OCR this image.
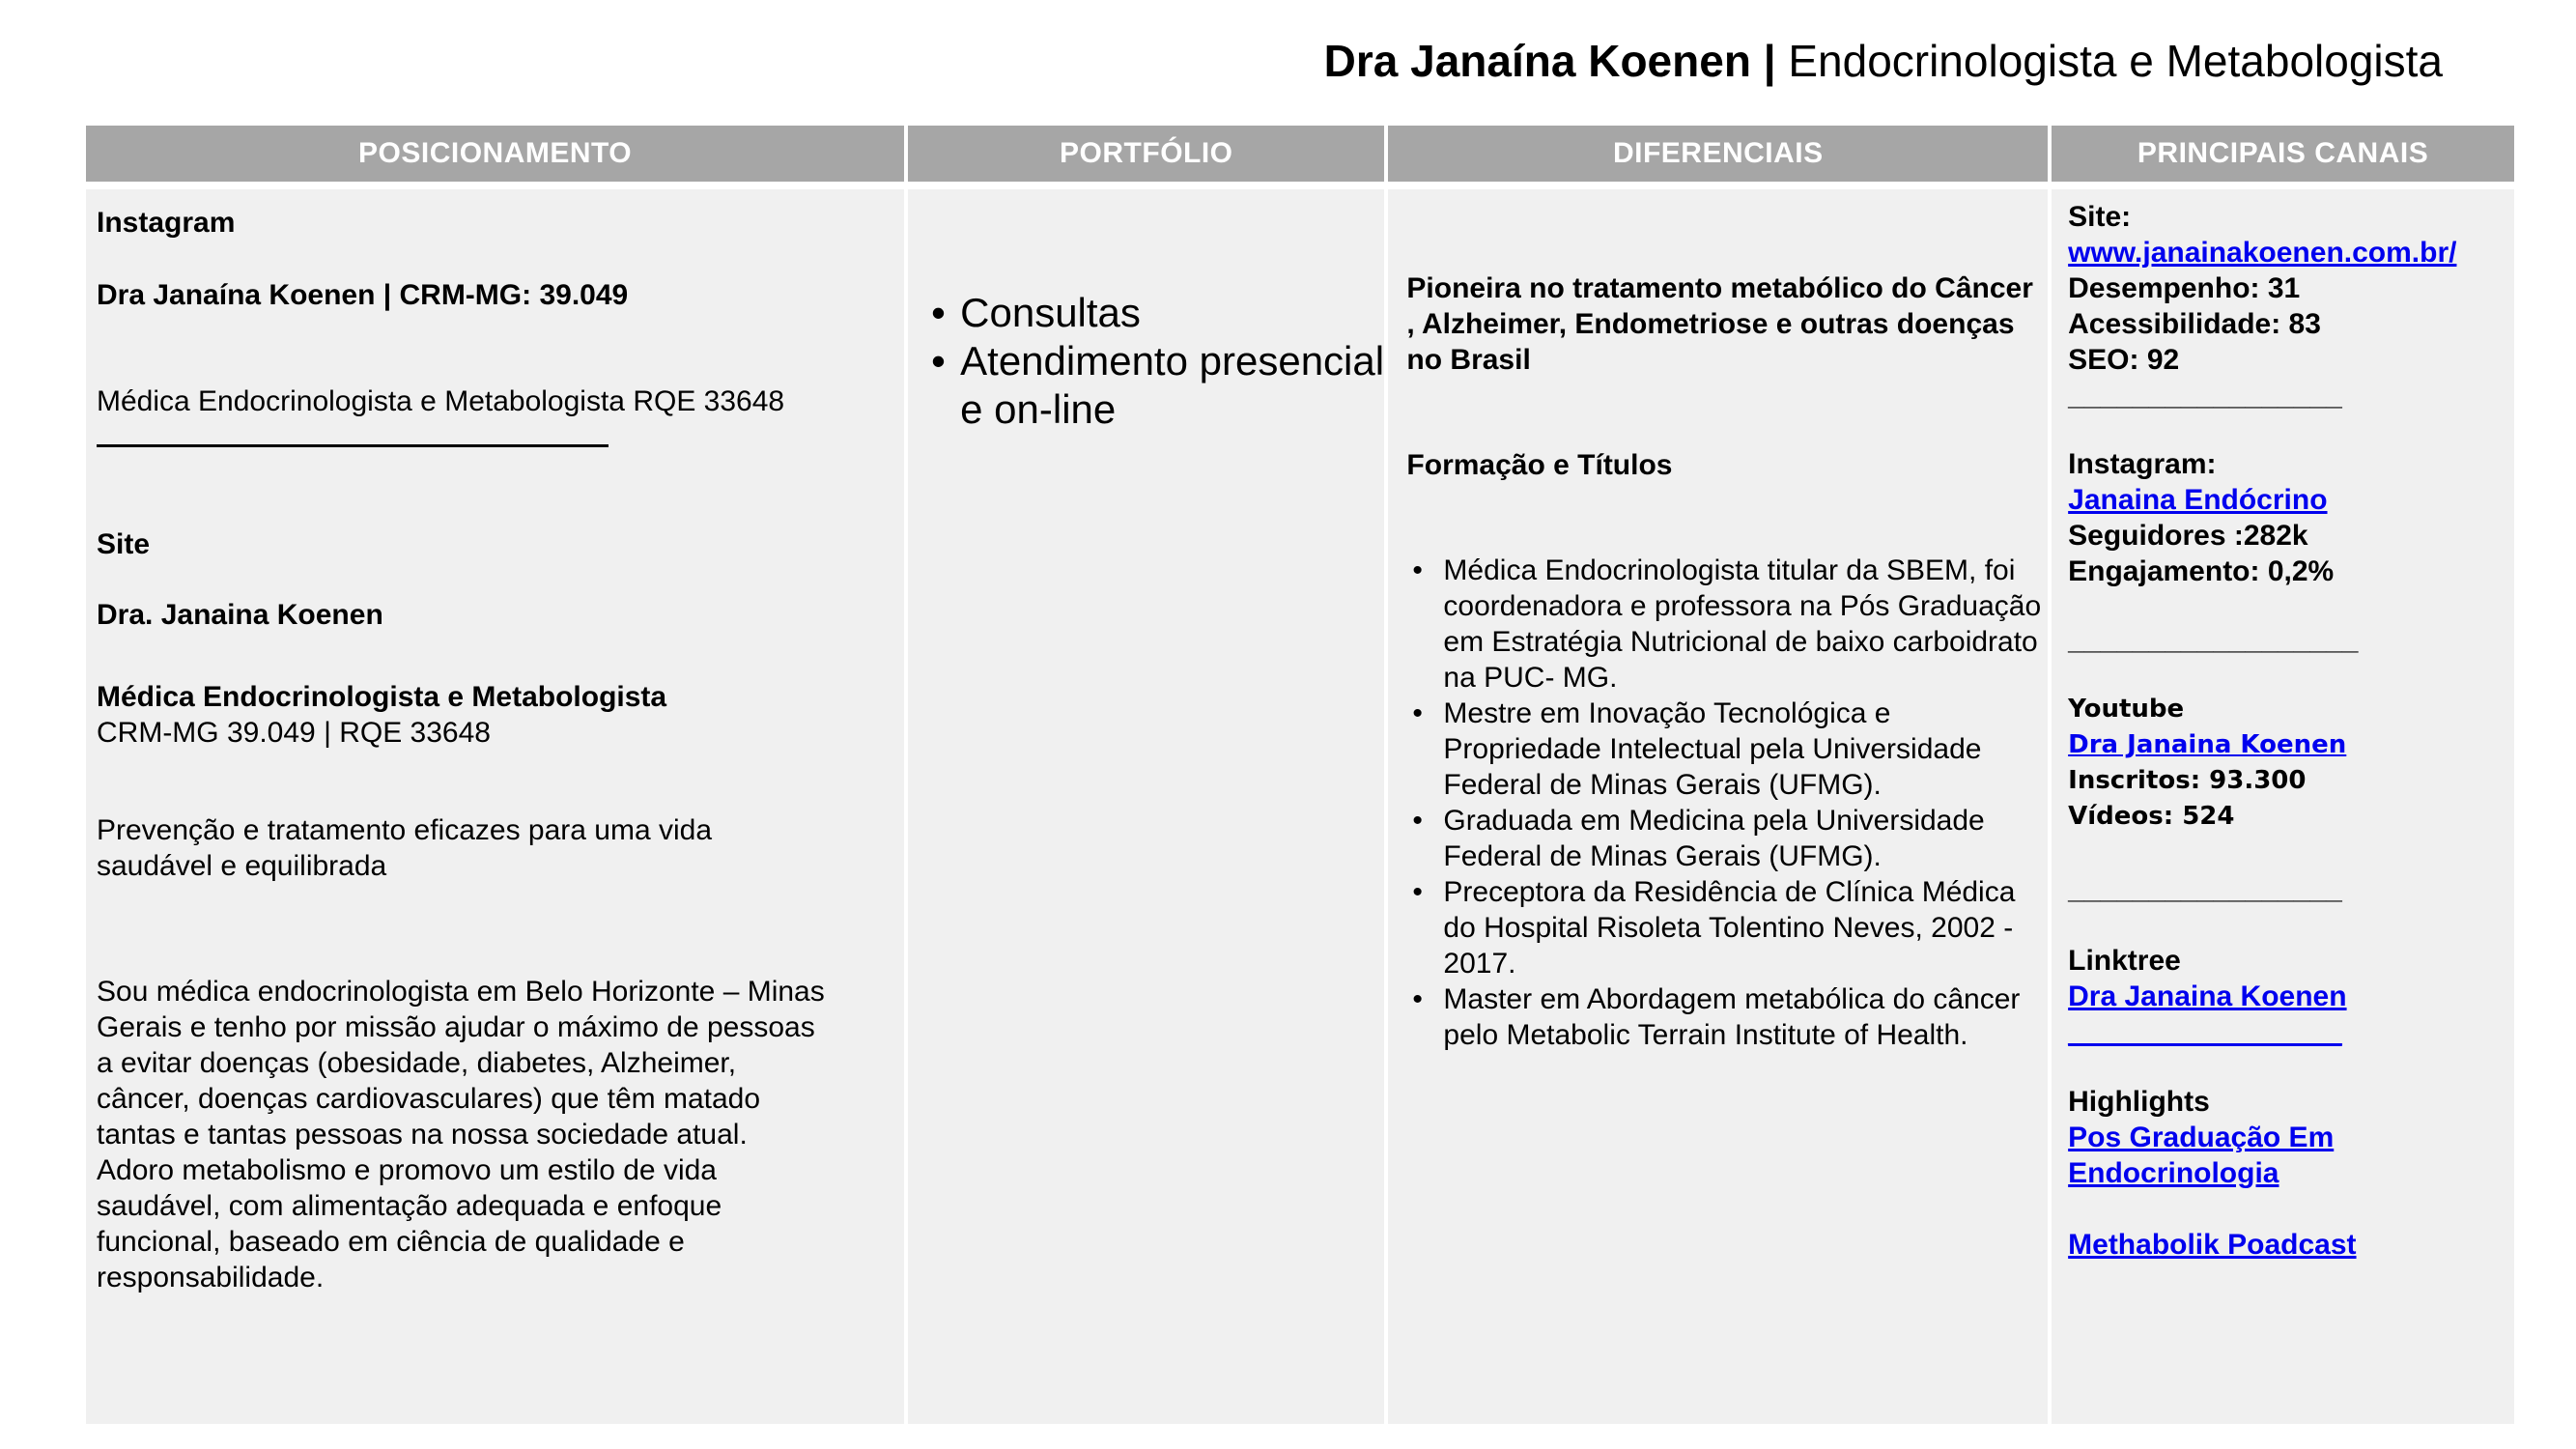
Dra Janaína Koenen | Endocrinologista e Metabologista
POSICIONAMENTO
Instagram
Dra Janaína Koenen | CRM-MG: 39.049
Médica Endocrinologista e Metabologista RQE 33648
Site
Dra. Janaina Koenen
Médica Endocrinologista e Metabologista
CRM-MG 39.049 | RQE 33648
Prevenção e tratamento eficazes para uma vida
saudável e equilibrada
Sou médica endocrinologista em Belo Horizonte – Minas
Gerais e tenho por missão ajudar o máximo de pessoas
a evitar doenças (obesidade, diabetes, Alzheimer,
câncer, doenças cardiovasculares) que têm matado
tantas e tantas pessoas na nossa sociedade atual.
Adoro metabolismo e promovo um estilo de vida
saudável, com alimentação adequada e enfoque
funcional, baseado em ciência de qualidade e
responsabilidade.
PORTFÓLIO
• Consultas
• Atendimento presencial
e on-line
DIFERENCIAIS
Pioneira no tratamento metabólico do Câncer
, Alzheimer, Endometriose e outras doenças
no Brasil
Formação e Títulos
• Médica Endocrinologista titular da SBEM, foi
coordenadora e professora na Pós Graduação
em Estratégia Nutricional de baixo carboidrato
na PUC- MG.
• Mestre em Inovação Tecnológica e
Propriedade Intelectual pela Universidade
Federal de Minas Gerais (UFMG).
• Graduada em Medicina pela Universidade
Federal de Minas Gerais (UFMG).
• Preceptora da Residência de Clínica Médica
do Hospital Risoleta Tolentino Neves, 2002 -
2017.
• Master em Abordagem metabólica do câncer
pelo Metabolic Terrain Institute of Health.
PRINCIPAIS CANAIS
Site:
www.janainakoenen.com.br/
Desempenho: 31
Acessibilidade: 83
SEO: 92
_________________
Instagram:
Janaina Endócrino
Seguidores :282k
Engajamento: 0,2%
__________________
Youtube
Dra Janaina Koenen
Inscritos: 93.300
Vídeos: 524
_________________
Linktree
Dra Janaina Koenen
_________________
Highlights
Pos Graduação Em
Endocrinologia
Methabolik Poadcast
